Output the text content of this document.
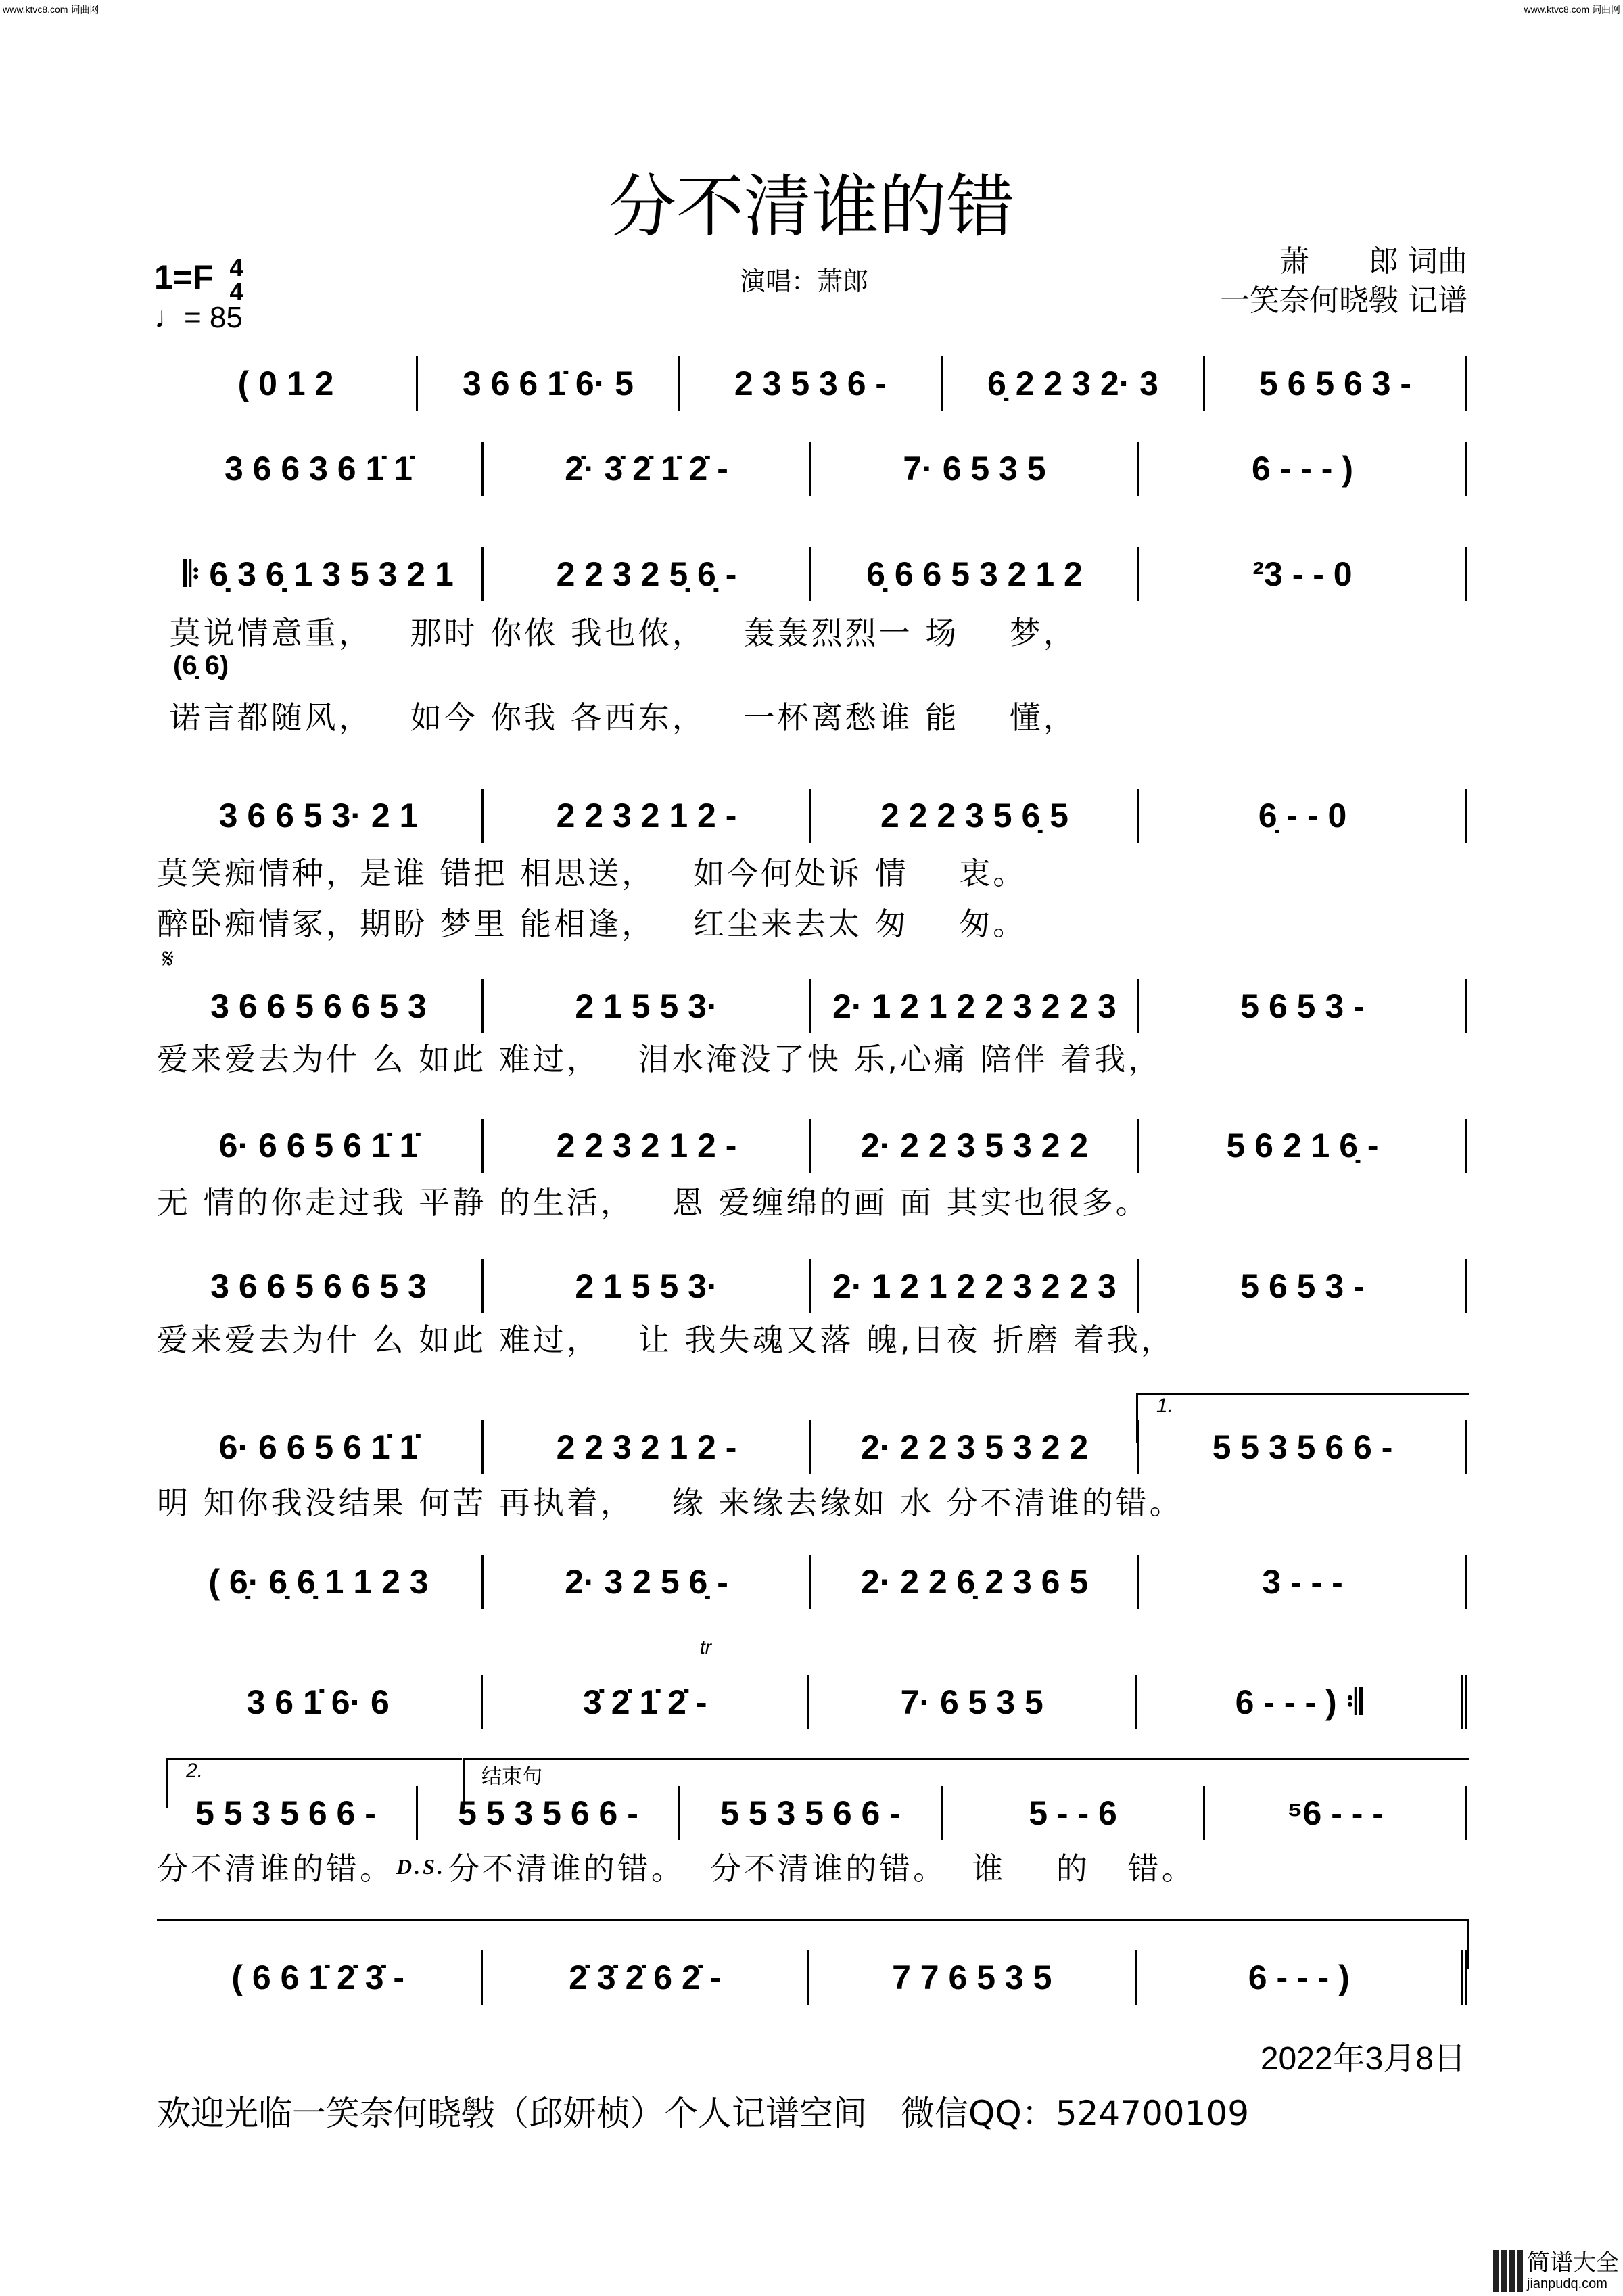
www.ktvc8.com 词曲网	www.ktvc8.com 词曲网
分不清谁的错
1=F 4
4
♩= 85
演唱：萧郎
萧　　郎 词曲
一笑奈何晓斅 记谱
( 0 1 2	3 6 6 1̇ 6· 5	2 3 5 3 6 -	6̣ 2 2 3 2· 3	5 6 5 6 3 -
3 6 6 3 6 1̇ 1̇	2̇· 3̇ 2̇ 1̇ 2̇ -	7· 6 5 3 5	6 - - - )
𝄆 6̣ 3 6̣ 1 3 5 3 2 1	2 2 3 2 5̣ 6̣ -	6̣ 6 6 5 3 2 1 2	²3 - - 0
3 6 6 5 3· 2 1	2 2 3 2 1 2 -	2 2 2 3 5 6̣ 5	6̣ - - 0
3 6 6 5 6 6 5 3	2 1 5 5 3·	2· 1 2 1 2 2 3 2 2 3	5 6 5 3 -
6· 6 6 5 6 1̇ 1̇	2 2 3 2 1 2 -	2· 2 2 3 5 3 2 2	5 6 2 1 6̣ -
3 6 6 5 6 6 5 3	2 1 5 5 3·	2· 1 2 1 2 2 3 2 2 3	5 6 5 3 -
6· 6 6 5 6 1̇ 1̇	2 2 3 2 1 2 -	2· 2 2 3 5 3 2 2	5 5 3 5 6 6 -
( 6̣· 6̣ 6̣ 1 1 2 3	2· 3 2 5 6̣ -	2· 2 2 6̣ 2 3 6 5	3 - - -
3 6 1̇ 6· 6	3̇ 2̇ 1̇ 2̇ -	7· 6 5 3 5	6 - - - ) 𝄇
5 5 3 5 6 6 -	5 5 3 5 6 6 -	5 5 3 5 6 6 -	5 - - 6	⁵6 - - -
( 6 6 1̇ 2̇ 3̇ -	2̇ 3̇ 2̇ 6 2̇ -	7 7 6 5 3 5	6 - - - )
莫说情意重，   那时 你侬 我也侬，   轰轰烈烈一 场    梦，
(6̣ 6̣)
诺言都随风，   如今 你我 各西东，   一杯离愁谁 能    懂，
莫笑痴情种，是谁 错把 相思送，   如今何处诉 情    衷。
醉卧痴情冢，期盼 梦里 能相逢，   红尘来去太 匆    匆。
𝄋
爱来爱去为什 么 如此 难过，   泪水淹没了快 乐,心痛 陪伴 着我，
无 情的你走过我 平静 的生活，   恩 爱缠绵的画 面 其实也很多。
爱来爱去为什 么 如此 难过，   让 我失魂又落 魄,日夜 折磨 着我，
1.
明 知你我没结果 何苦 再执着，   缘 来缘去缘如 水 分不清谁的错。
tr
2.	结束句
分不清谁的错。 D.S. 分不清谁的错。  分不清谁的错。  谁    的   错。
2022年3月8日
欢迎光临一笑奈何晓斅（邱妍桢）个人记谱空间　微信QQ：524700109
简谱大全
jianpudq.com
